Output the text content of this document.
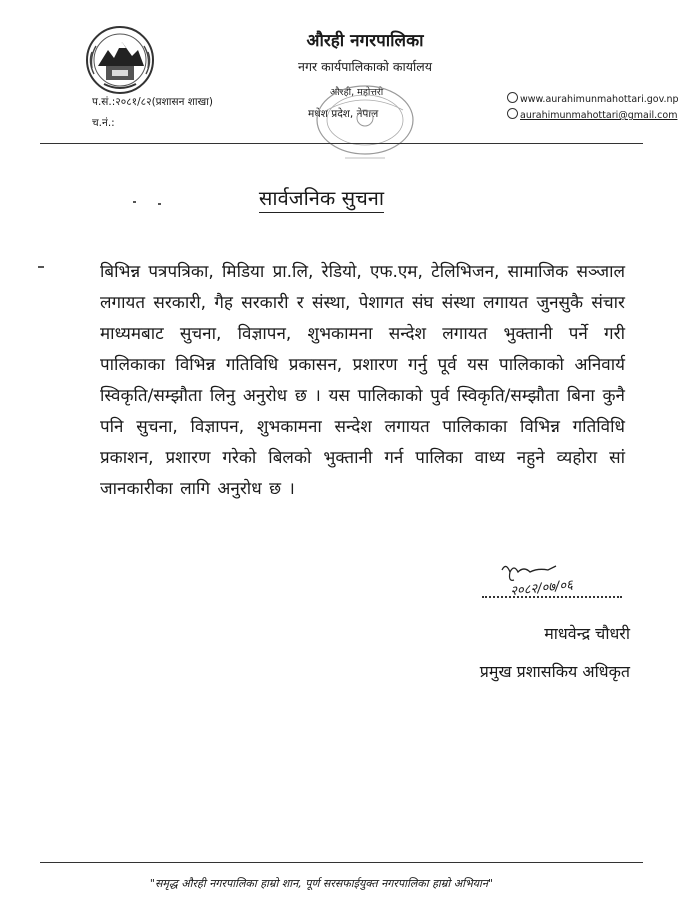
औरही नगरपालिका
नगर कार्यपालिकाको कार्यालय
औरही, महोत्तरी
मधेश प्रदेश, नेपाल
प.सं.:२०८१/८२(प्रशासन शाखा)
च.नं.:
www.aurahimunmahottari.gov.np
aurahimunmahottari@gmail.com
सार्वजनिक सुचना
बिभिन्न पत्रपत्रिका, मिडिया प्रा.लि, रेडियो, एफ.एम, टेलिभिजन, सामाजिक सञ्जाल लगायत सरकारी, गैह सरकारी र संस्था, पेशागत संघ संस्था लगायत जुनसुकै संचार माध्यमबाट सुचना, विज्ञापन, शुभकामना सन्देश लगायत भुक्तानी पर्ने गरी पालिकाका विभिन्न गतिविधि प्रकासन, प्रशारण गर्नु पूर्व यस पालिकाको अनिवार्य स्विकृति/सम्झौता लिनु अनुरोध छ । यस पालिकाको पुर्व स्विकृति/सम्झौता बिना कुनै पनि सुचना, विज्ञापन, शुभकामना सन्देश लगायत पालिकाका विभिन्न गतिविधि प्रकाशन, प्रशारण गरेको बिलको भुक्तानी गर्न पालिका वाध्य नहुने व्यहोरा सां जानकारीका लागि अनुरोध छ ।
२०८२/०७/०६
माधवेन्द्र चौधरी
प्रमुख प्रशासकिय अधिकृत
"समृद्ध औरही नगरपालिका हाम्रो शान, पूर्ण सरसफाईयुक्त नगरपालिका हाम्रो अभियान"
